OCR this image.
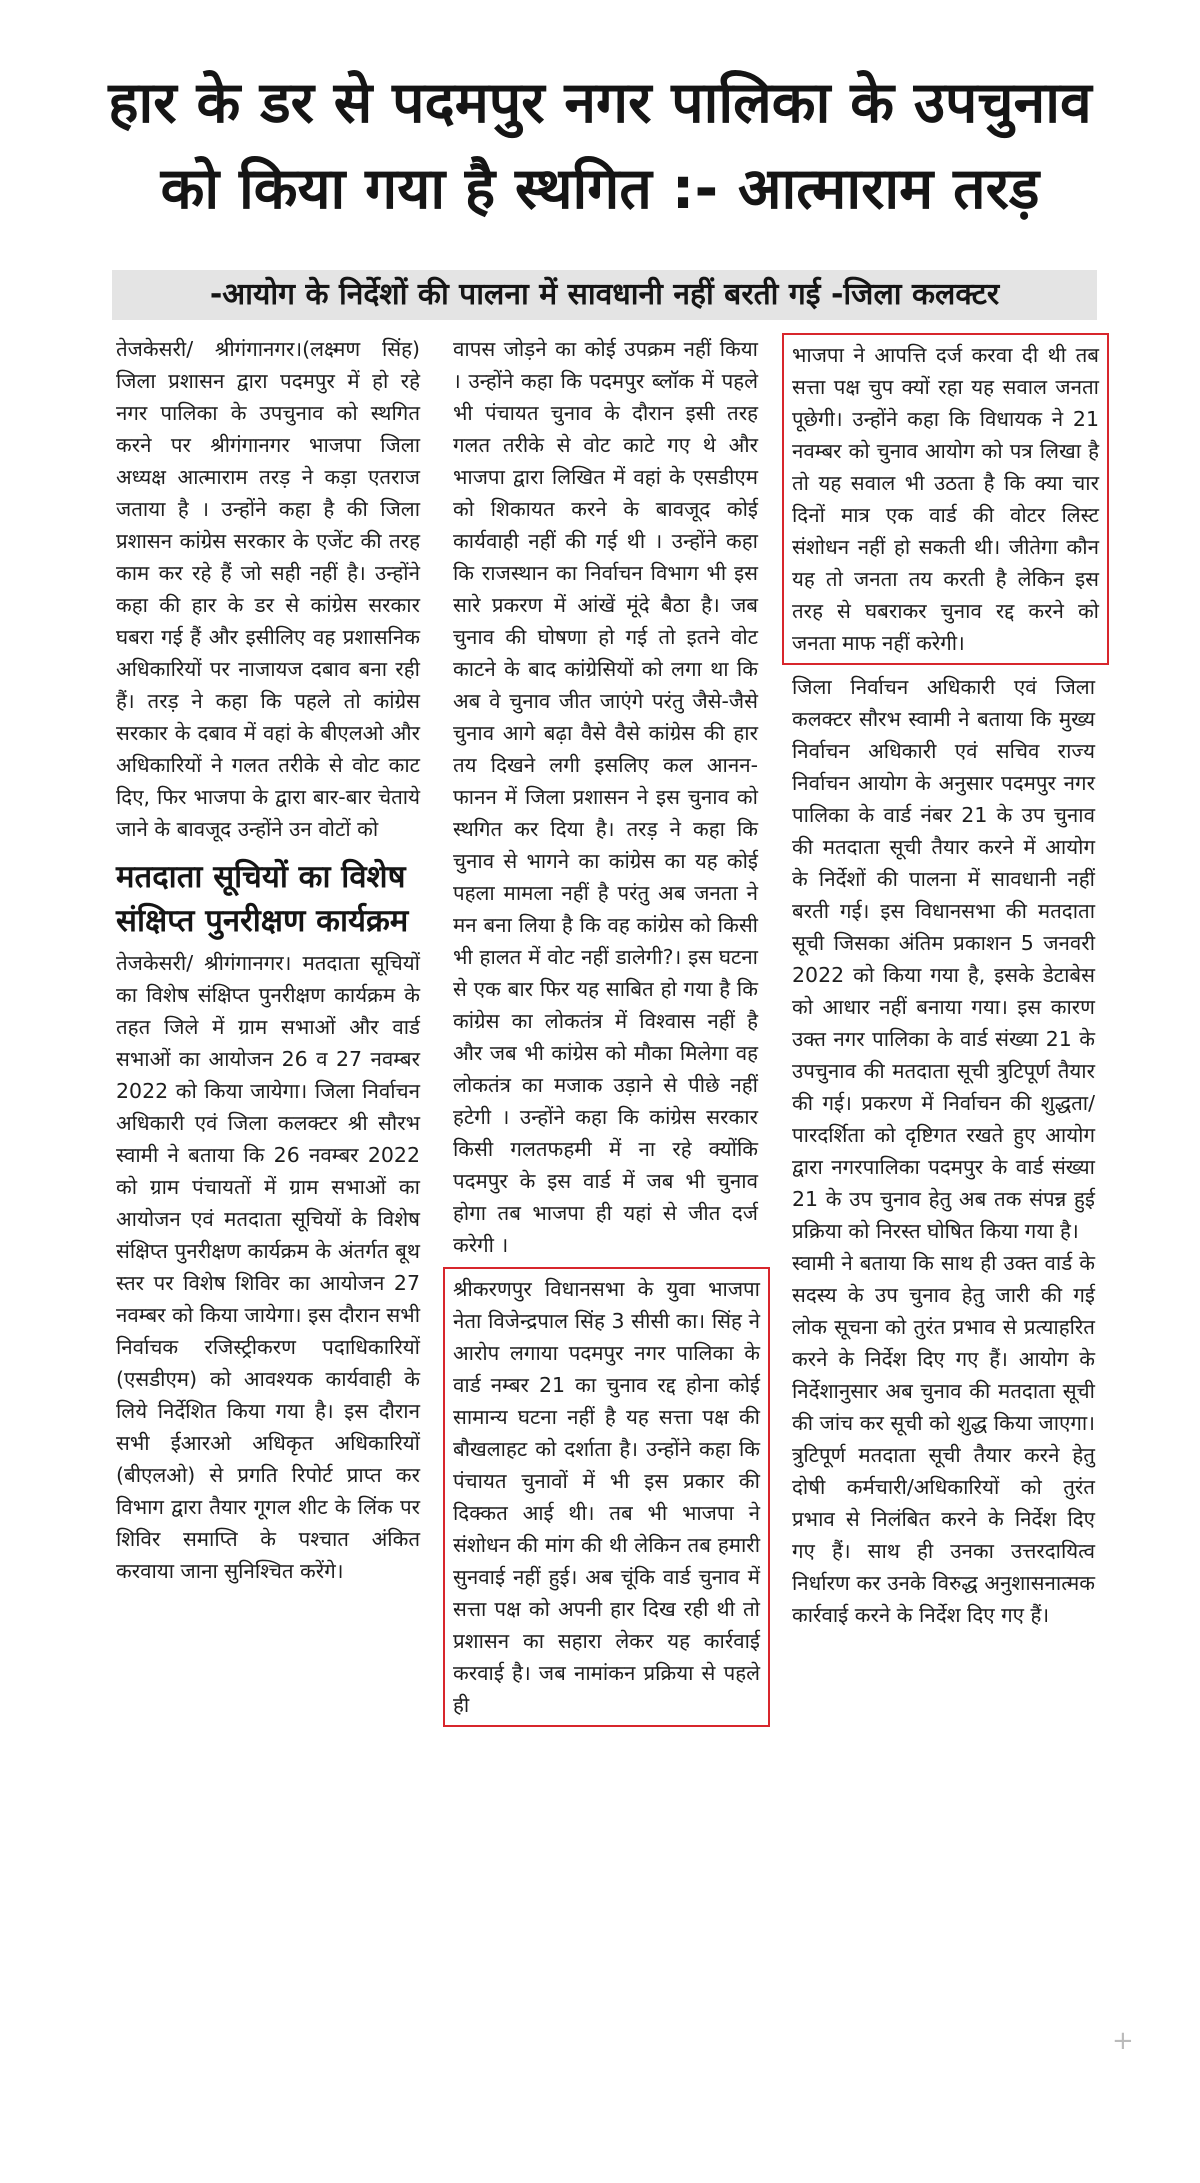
हार के डर से पदमपुर नगर पालिका के उपचुनाव
को किया गया है स्थगित :- आत्माराम तरड़
-आयोग के निर्देशों की पालना में सावधानी नहीं बरती गई -जिला कलक्टर

तेजकेसरी/ श्रीगंगानगर।(लक्ष्मण सिंह) जिला प्रशासन द्वारा पदमपुर में हो रहे नगर पालिका के उपचुनाव को स्थगित करने पर श्रीगंगानगर भाजपा जिला अध्यक्ष आत्माराम तरड़ ने कड़ा एतराज जताया है । उन्होंने कहा है की जिला प्रशासन कांग्रेस सरकार के एजेंट की तरह काम कर रहे हैं जो सही नहीं है। उन्होंने कहा की हार के डर से कांग्रेस सरकार घबरा गई हैं और इसीलिए वह प्रशासनिक अधिकारियों पर नाजायज दबाव बना रही हैं। तरड़ ने कहा कि पहले तो कांग्रेस सरकार के दबाव में वहां के बीएलओ और अधिकारियों ने गलत तरीके से वोट काट दिए, फिर भाजपा के द्वारा बार-बार चेताये जाने के बावजूद उन्होंने उन वोटों को

मतदाता सूचियों का विशेष संक्षिप्त पुनरीक्षण कार्यक्रम

तेजकेसरी/ श्रीगंगानगर। मतदाता सूचियों का विशेष संक्षिप्त पुनरीक्षण कार्यक्रम के तहत जिले में ग्राम सभाओं और वार्ड सभाओं का आयोजन 26 व 27 नवम्बर 2022 को किया जायेगा। जिला निर्वाचन अधिकारी एवं जिला कलक्टर श्री सौरभ स्वामी ने बताया कि 26 नवम्बर 2022 को ग्राम पंचायतों में ग्राम सभाओं का आयोजन एवं मतदाता सूचियों के विशेष संक्षिप्त पुनरीक्षण कार्यक्रम के अंतर्गत बूथ स्तर पर विशेष शिविर का आयोजन 27 नवम्बर को किया जायेगा। इस दौरान सभी निर्वाचक रजिस्ट्रीकरण पदाधिकारियों (एसडीएम) को आवश्यक कार्यवाही के लिये निर्देशित किया गया है। इस दौरान सभी ईआरओ अधिकृत अधिकारियों (बीएलओ) से प्रगति रिपोर्ट प्राप्त कर विभाग द्वारा तैयार गूगल शीट के लिंक पर शिविर समाप्ति के पश्चात अंकित करवाया जाना सुनिश्चित करेंगे।

वापस जोड़ने का कोई उपक्रम नहीं किया । उन्होंने कहा कि पदमपुर ब्लॉक में पहले भी पंचायत चुनाव के दौरान इसी तरह गलत तरीके से वोट काटे गए थे और भाजपा द्वारा लिखित में वहां के एसडीएम को शिकायत करने के बावजूद कोई कार्यवाही नहीं की गई थी । उन्होंने कहा कि राजस्थान का निर्वाचन विभाग भी इस सारे प्रकरण में आंखें मूंदे बैठा है। जब चुनाव की घोषणा हो गई तो इतने वोट काटने के बाद कांग्रेसियों को लगा था कि अब वे चुनाव जीत जाएंगे परंतु जैसे-जैसे चुनाव आगे बढ़ा वैसे वैसे कांग्रेस की हार तय दिखने लगी इसलिए कल आनन-फानन में जिला प्रशासन ने इस चुनाव को स्थगित कर दिया है। तरड़ ने कहा कि चुनाव से भागने का कांग्रेस का यह कोई पहला मामला नहीं है परंतु अब जनता ने मन बना लिया है कि वह कांग्रेस को किसी भी हालत में वोट नहीं डालेगी?। इस घटना से एक बार फिर यह साबित हो गया है कि कांग्रेस का लोकतंत्र में विश्वास नहीं है और जब भी कांग्रेस को मौका मिलेगा वह लोकतंत्र का मजाक उड़ाने से पीछे नहीं हटेगी । उन्होंने कहा कि कांग्रेस सरकार किसी गलतफहमी में ना रहे क्योंकि पदमपुर के इस वार्ड में जब भी चुनाव होगा तब भाजपा ही यहां से जीत दर्ज करेगी ।

श्रीकरणपुर विधानसभा के युवा भाजपा नेता विजेन्द्रपाल सिंह 3 सीसी का। सिंह ने आरोप लगाया पदमपुर नगर पालिका के वार्ड नम्बर 21 का चुनाव रद्द होना कोई सामान्य घटना नहीं है यह सत्ता पक्ष की बौखलाहट को दर्शाता है। उन्होंने कहा कि पंचायत चुनावों में भी इस प्रकार की दिक्कत आई थी। तब भी भाजपा ने संशोधन की मांग की थी लेकिन तब हमारी सुनवाई नहीं हुई। अब चूंकि वार्ड चुनाव में सत्ता पक्ष को अपनी हार दिख रही थी तो प्रशासन का सहारा लेकर यह कार्रवाई करवाई है। जब नामांकन प्रक्रिया से पहले ही

भाजपा ने आपत्ति दर्ज करवा दी थी तब सत्ता पक्ष चुप क्यों रहा यह सवाल जनता पूछेगी। उन्होंने कहा कि विधायक ने 21 नवम्बर को चुनाव आयोग को पत्र लिखा है तो यह सवाल भी उठता है कि क्या चार दिनों मात्र एक वार्ड की वोटर लिस्ट संशोधन नहीं हो सकती थी। जीतेगा कौन यह तो जनता तय करती है लेकिन इस तरह से घबराकर चुनाव रद्द करने को जनता माफ नहीं करेगी।

जिला निर्वाचन अधिकारी एवं जिला कलक्टर सौरभ स्वामी ने बताया कि मुख्य निर्वाचन अधिकारी एवं सचिव राज्य निर्वाचन आयोग के अनुसार पदमपुर नगर पालिका के वार्ड नंबर 21 के उप चुनाव की मतदाता सूची तैयार करने में आयोग के निर्देशों की पालना में सावधानी नहीं बरती गई। इस विधानसभा की मतदाता सूची जिसका अंतिम प्रकाशन 5 जनवरी 2022 को किया गया है, इसके डेटाबेस को आधार नहीं बनाया गया। इस कारण उक्त नगर पालिका के वार्ड संख्या 21 के उपचुनाव की मतदाता सूची त्रुटिपूर्ण तैयार की गई। प्रकरण में निर्वाचन की शुद्धता/पारदर्शिता को दृष्टिगत रखते हुए आयोग द्वारा नगरपालिका पदमपुर के वार्ड संख्या 21 के उप चुनाव हेतु अब तक संपन्न हुई प्रक्रिया को निरस्त घोषित किया गया है।

स्वामी ने बताया कि साथ ही उक्त वार्ड के सदस्य के उप चुनाव हेतु जारी की गई लोक सूचना को तुरंत प्रभाव से प्रत्याहरित करने के निर्देश दिए गए हैं। आयोग के निर्देशानुसार अब चुनाव की मतदाता सूची की जांच कर सूची को शुद्ध किया जाएगा। त्रुटिपूर्ण मतदाता सूची तैयार करने हेतु दोषी कर्मचारी/अधिकारियों को तुरंत प्रभाव से निलंबित करने के निर्देश दिए गए हैं। साथ ही उनका उत्तरदायित्व निर्धारण कर उनके विरुद्ध अनुशासनात्मक कार्रवाई करने के निर्देश दिए गए हैं।

+
